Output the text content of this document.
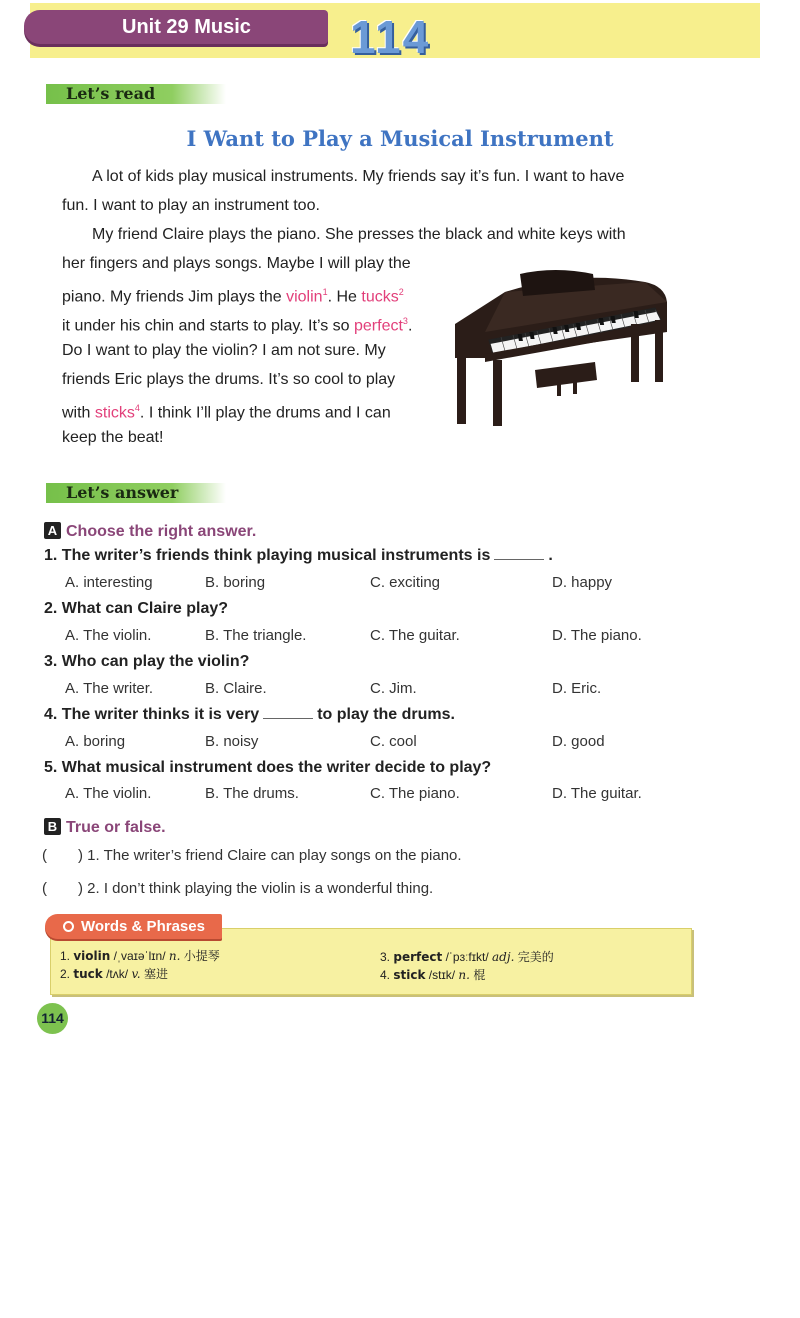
Unit 29 Music	114
Let’s read
I Want to Play a Musical Instrument
A lot of kids play musical instruments. My friends say it’s fun. I want to have
fun. I want to play an instrument too.
My friend Claire plays the piano. She presses the black and white keys with
her fingers and plays songs. Maybe I will play the
piano. My friends Jim plays the violin$^1$. He tucks$^2$
it under his chin and starts to play. It’s so perfect$^3$.
Do I want to play the violin? I am not sure. My
friends Eric plays the drums. It’s so cool to play
with sticks$^4$. I think I’ll play the drums and I can
keep the beat!
Let’s answer
A Choose the right answer.
1. The writer’s friends think playing musical instruments is	.
A. interesting	B. boring	C. exciting	D. happy
2. What can Claire play?
A. The violin.	B. The triangle.	C. The guitar.	D. The piano.
3. Who can play the violin?
A. The writer.	B. Claire.	C. Jim.	D. Eric.
4. The writer thinks it is very	to play the drums.
A. boring	B. noisy	C. cool	D. good
5. What musical instrument does the writer decide to play?
A. The violin.	B. The drums.	C. The piano.	D. The guitar.
B True or false.
( ) 1. The writer’s friend Claire can play songs on the piano.
( ) 2. I don’t think playing the violin is a wonderful thing.
Words & Phrases
1. violin /ˌvaɪəˈlɪn/ n. 小提琴
2. tuck /tʌk/ v. 塞进
3. perfect /ˈpɜːfɪkt/ adj. 完美的
4. stick /stɪk/ n. 棍
114
